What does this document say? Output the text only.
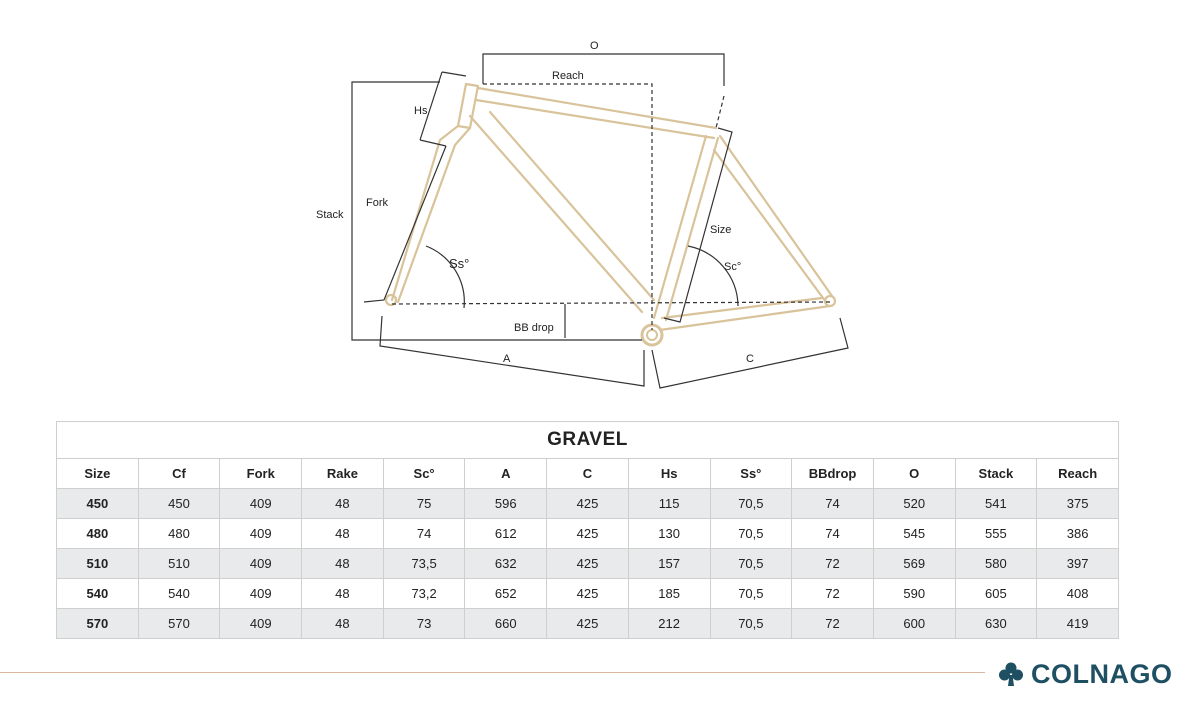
O
Reach
Hs
Stack
Fork
Ss°
Size
Sc°
BB drop
A	C
GRAVEL												
Size	Cf	Fork	Rake	Sc°	A	C	Hs	Ss°	BBdrop	O	Stack	Reach
450	450	409	48	75	596	425	115	70,5	74	520	541	375
480	480	409	48	74	612	425	130	70,5	74	545	555	386
510	510	409	48	73,5	632	425	157	70,5	72	569	580	397
540	540	409	48	73,2	652	425	185	70,5	72	590	605	408
570	570	409	48	73	660	425	212	70,5	72	600	630	419
COLNAGO
